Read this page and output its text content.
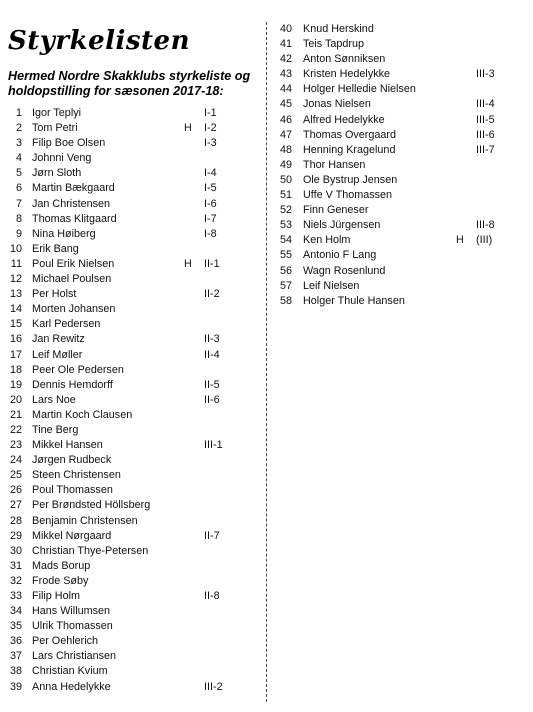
Styrkelisten
Hermed Nordre Skakklubs styrkeliste og holdopstilling for sæsonen 2017-18:
1 Igor Teplyi	I-1
2 Tom Petri	H I-2
3 Filip Boe Olsen	I-3
4 Johnni Veng
5 Jørn Sloth	I-4
6 Martin Bækgaard	I-5
7 Jan Christensen	I-6
8 Thomas Klitgaard	I-7
9 Nina Høiberg	I-8
10 Erik Bang
11 Poul Erik Nielsen	H II-1
12 Michael Poulsen
13 Per Holst	II-2
14 Morten Johansen
15 Karl Pedersen
16 Jan Rewitz	II-3
17 Leif Møller	II-4
18 Peer Ole Pedersen
19 Dennis Hemdorff	II-5
20 Lars Noe	II-6
21 Martin Koch Clausen
22 Tine Berg
23 Mikkel Hansen	III-1
24 Jørgen Rudbeck
25 Steen Christensen
26 Poul Thomassen
27 Per Brøndsted Höllsberg
28 Benjamin Christensen
29 Mikkel Nørgaard	II-7
30 Christian Thye-Petersen
31 Mads Borup
32 Frode Søby
33 Filip Holm	II-8
34 Hans Willumsen
35 Ulrik Thomassen
36 Per Oehlerich
37 Lars Christiansen
38 Christian Kvium
39 Anna Hedelykke	III-2
40 Knud Herskind
41 Teis Tapdrup
42 Anton Sønniksen
43 Kristen Hedelykke	III-3
44 Holger Helledie Nielsen
45 Jonas Nielsen	III-4
46 Alfred Hedelykke	III-5
47 Thomas Overgaard	III-6
48 Henning Kragelund	III-7
49 Thor Hansen
50 Ole Bystrup Jensen
51 Uffe V Thomassen
52 Finn Geneser
53 Niels Jürgensen	III-8
54 Ken Holm	H (III)
55 Antonio F Lang
56 Wagn Rosenlund
57 Leif Nielsen
58 Holger Thule Hansen
